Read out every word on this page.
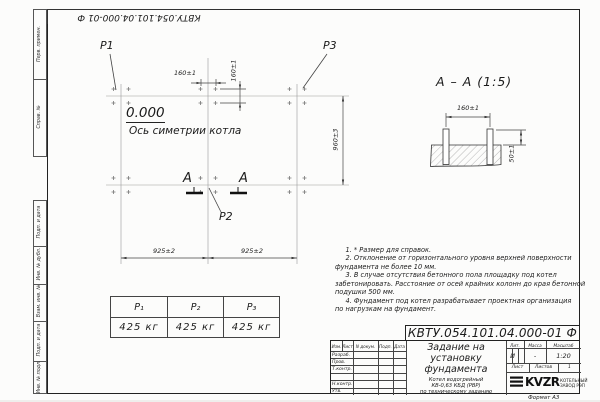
Перв. примен.
Справ. №
Подп. и дата
Инв. № дубл.
Взам. инв. №
Подп. и дата
Инв. № подл.
КВТУ.054.101.04.000-01 Ф
Р1	Р3
Р2
0.000
Ось симетрии котла
160±1	160±1
960±3
925±2	925±2
А	А
А – А (1:5)
160±1
50±1
1. * Размер для справок.
2. Отклонение от горизонтального уровня верхней поверхности
фундамента не более 10 мм.
3. В случае отсутствия бетонного пола площадку под котел
забетонировать. Расстояние от осей крайних колонн до края бетонной
подушки 500 мм.
4. Фундамент под котел разрабатывает проектная организация
по нагрузкам на фундамент.
Р₁	Р₂	Р₃
425 кг	425 кг	425 кг	КВТУ.054.101.04.000-01 Ф
Изм. Лист N докум. Подп. Дата
Разраб.
Пров.
Т.контр.
Н.контр.
Утв.
Задание на
установку
фундамента
Котел водогрейный
КВ-0,63 КБД (РВР)
по техническому заданию
Лит.	Масса	Масштаб
И	-	1:20
Лист	Листов	1
KVZR КОТЕЛЬНЫЙ
ЗАВОД РЭП
Формат А3
